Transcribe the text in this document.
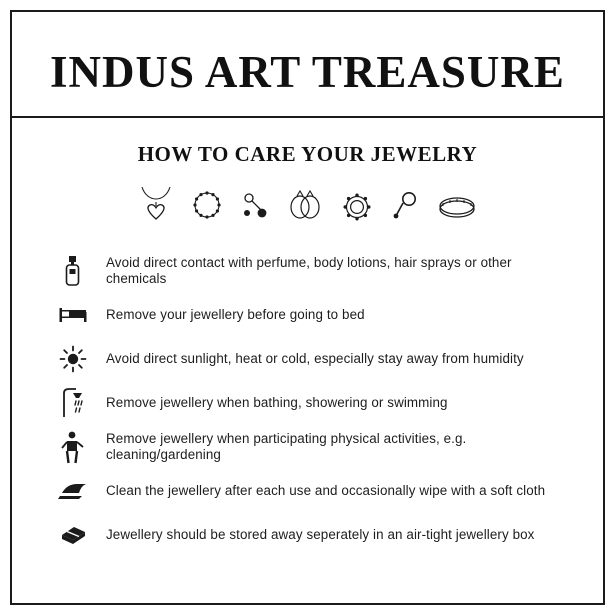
INDUS ART TREASURE
HOW TO CARE YOUR JEWELRY
Avoid direct contact with perfume, body lotions, hair sprays or other chemicals
Remove your jewellery before going to bed
Avoid direct sunlight, heat or cold, especially stay away from humidity
Remove jewellery when bathing, showering or swimming
Remove jewellery when participating physical activities, e.g. cleaning/gardening
Clean the jewellery after each use and occasionally wipe with a soft cloth
Jewellery should be stored away seperately in an air-tight jewellery box
